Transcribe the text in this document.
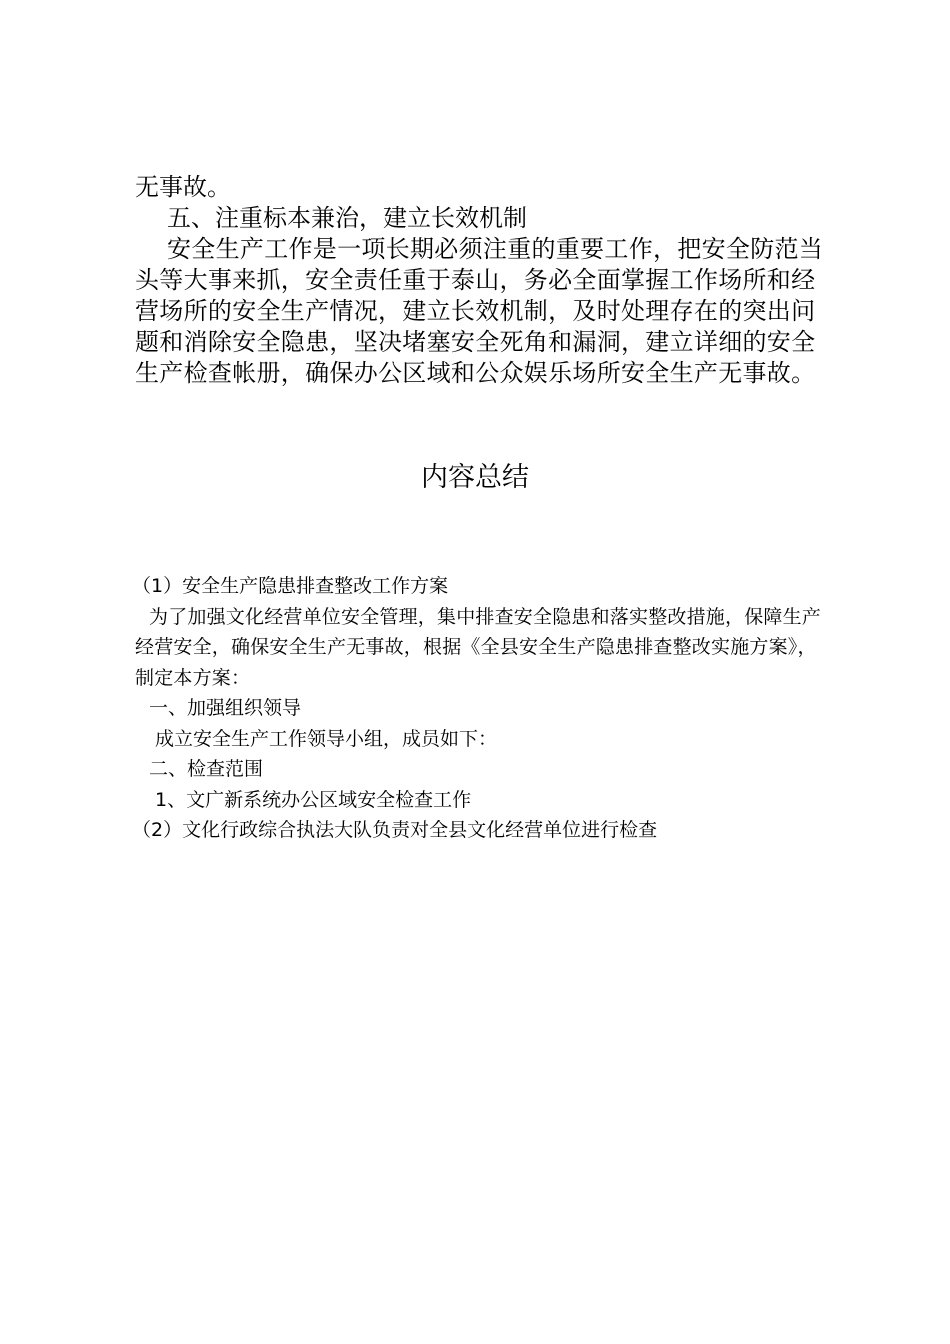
无事故。

五、注重标本兼治，建立长效机制

安全生产工作是一项长期必须注重的重要工作，把安全防范当头等大事来抓，安全责任重于泰山，务必全面掌握工作场所和经营场所的安全生产情况，建立长效机制，及时处理存在的突出问题和消除安全隐患，坚决堵塞安全死角和漏洞，建立详细的安全生产检查帐册，确保办公区域和公众娱乐场所安全生产无事故。

内容总结

（1）安全生产隐患排查整改工作方案

为了加强文化经营单位安全管理，集中排查安全隐患和落实整改措施，保障生产经营安全，确保安全生产无事故，根据《全县安全生产隐患排查整改实施方案》，制定本方案：

一、加强组织领导

成立安全生产工作领导小组，成员如下：

二、检查范围

1、文广新系统办公区域安全检查工作

（2）文化行政综合执法大队负责对全县文化经营单位进行检查
